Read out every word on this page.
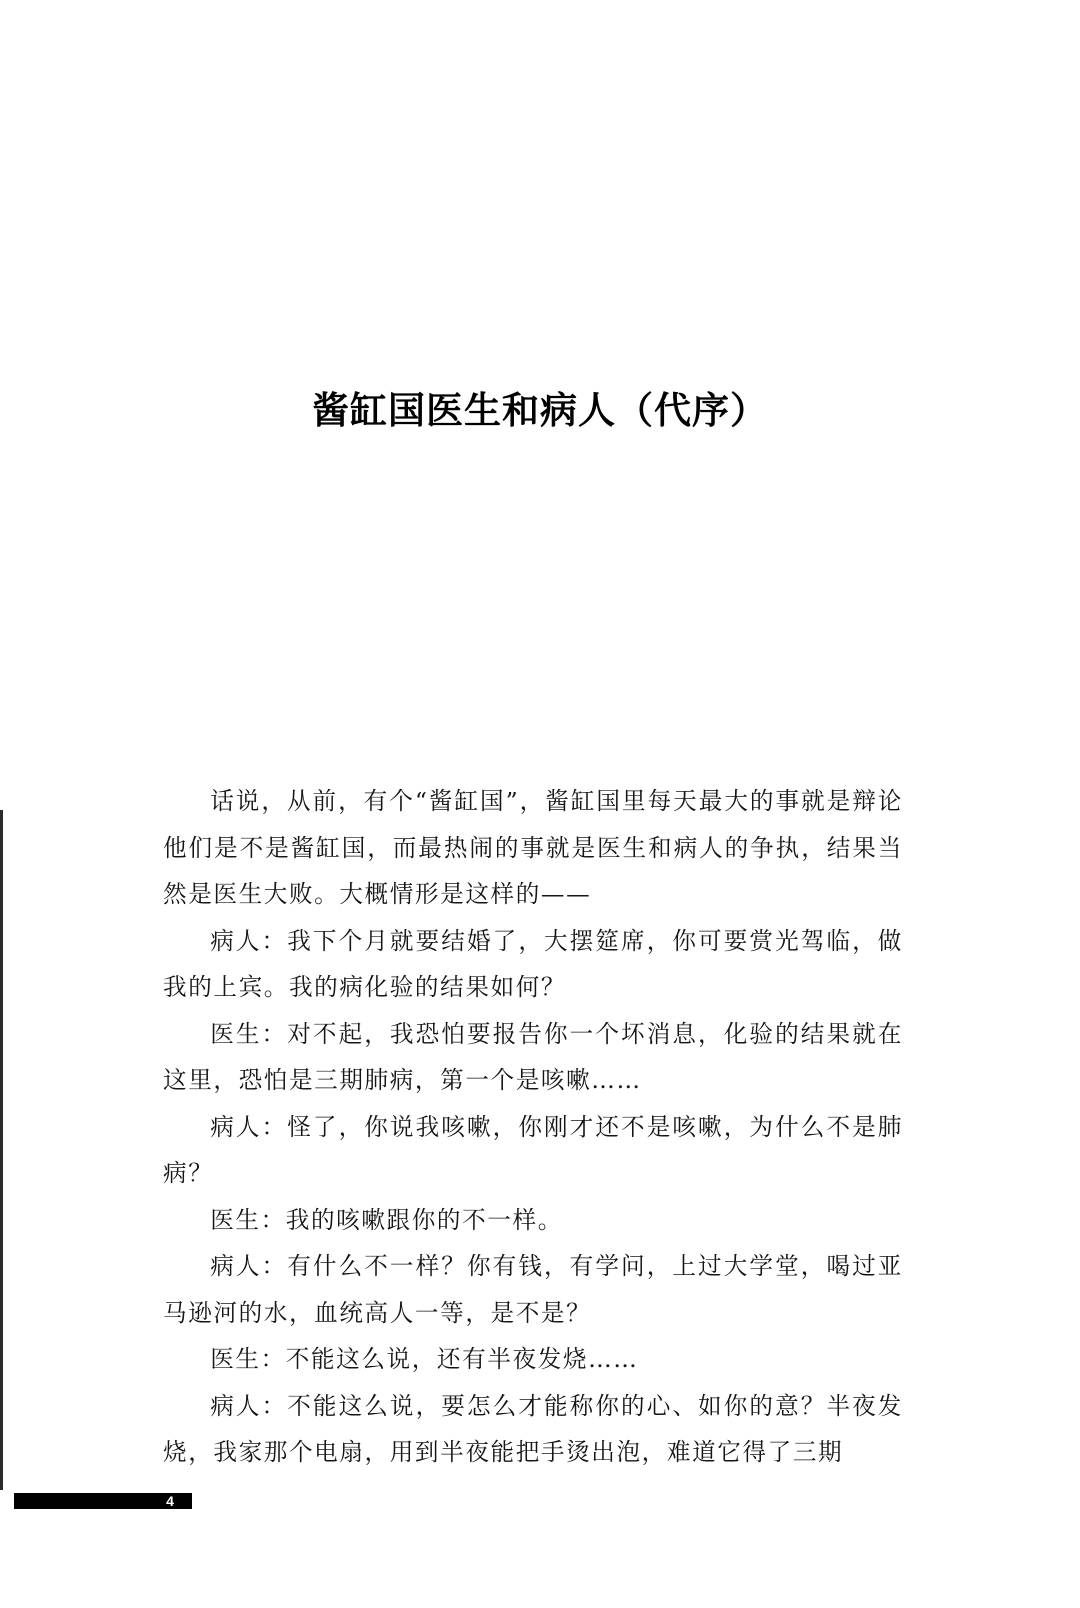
酱缸国医生和病人（代序）

话说，从前，有个“酱缸国”，酱缸国里每天最大的事就是辩论他们是不是酱缸国，而最热闹的事就是医生和病人的争执，结果当然是医生大败。大概情形是这样的——

病人：我下个月就要结婚了，大摆筵席，你可要赏光驾临，做我的上宾。我的病化验的结果如何？

医生：对不起，我恐怕要报告你一个坏消息，化验的结果就在这里，恐怕是三期肺病，第一个是咳嗽……

病人：怪了，你说我咳嗽，你刚才还不是咳嗽，为什么不是肺病？

医生：我的咳嗽跟你的不一样。

病人：有什么不一样？你有钱，有学问，上过大学堂，喝过亚马逊河的水，血统高人一等，是不是？

医生：不能这么说，还有半夜发烧……

病人：不能这么说，要怎么才能称你的心、如你的意？半夜发烧，我家那个电扇，用到半夜能把手烫出泡，难道它得了三期

4
